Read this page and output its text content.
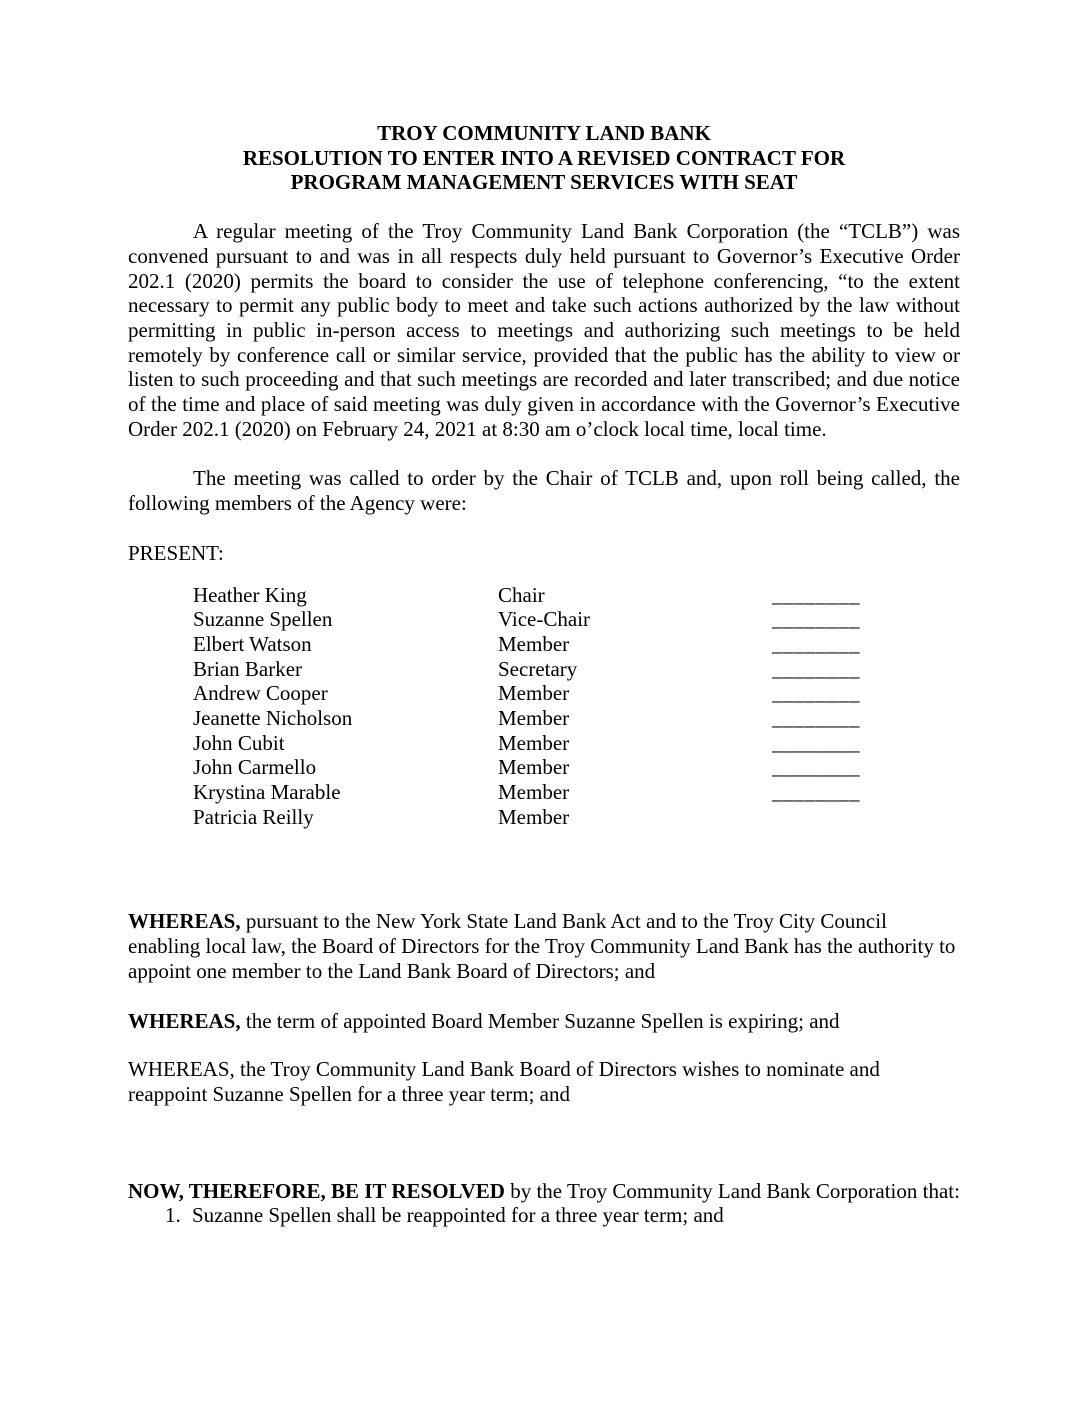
TROY COMMUNITY LAND BANK

RESOLUTION TO ENTER INTO A REVISED CONTRACT FOR

PROGRAM MANAGEMENT SERVICES WITH SEAT

A regular meeting of the Troy Community Land Bank Corporation (the “TCLB”) was convened pursuant to and was in all respects duly held pursuant to Governor’s Executive Order 202.1 (2020) permits the board to consider the use of telephone conferencing, “to the extent necessary to permit any public body to meet and take such actions authorized by the law without permitting in public in-person access to meetings and authorizing such meetings to be held remotely by conference call or similar service, provided that the public has the ability to view or listen to such proceeding and that such meetings are recorded and later transcribed; and due notice of the time and place of said meeting was duly given in accordance with the Governor’s Executive Order 202.1 (2020) on February 24, 2021 at 8:30 am o’clock local time, local time.

The meeting was called to order by the Chair of TCLB and, upon roll being called, the following members of the Agency were:

PRESENT:

Heather King	Chair	________
Suzanne Spellen	Vice-Chair	________
Elbert Watson	Member	________
Brian Barker	Secretary	________
Andrew Cooper	Member	________
Jeanette Nicholson	Member	________
John Cubit	Member	________
John Carmello	Member	________
Krystina Marable	Member	________
Patricia Reilly	Member

WHEREAS, pursuant to the New York State Land Bank Act and to the Troy City Council enabling local law, the Board of Directors for the Troy Community Land Bank has the authority to appoint one member to the Land Bank Board of Directors; and

WHEREAS, the term of appointed Board Member Suzanne Spellen is expiring; and

WHEREAS, the Troy Community Land Bank Board of Directors wishes to nominate and reappoint Suzanne Spellen for a three year term; and

NOW, THEREFORE, BE IT RESOLVED by the Troy Community Land Bank Corporation that:

1. Suzanne Spellen shall be reappointed for a three year term; and
